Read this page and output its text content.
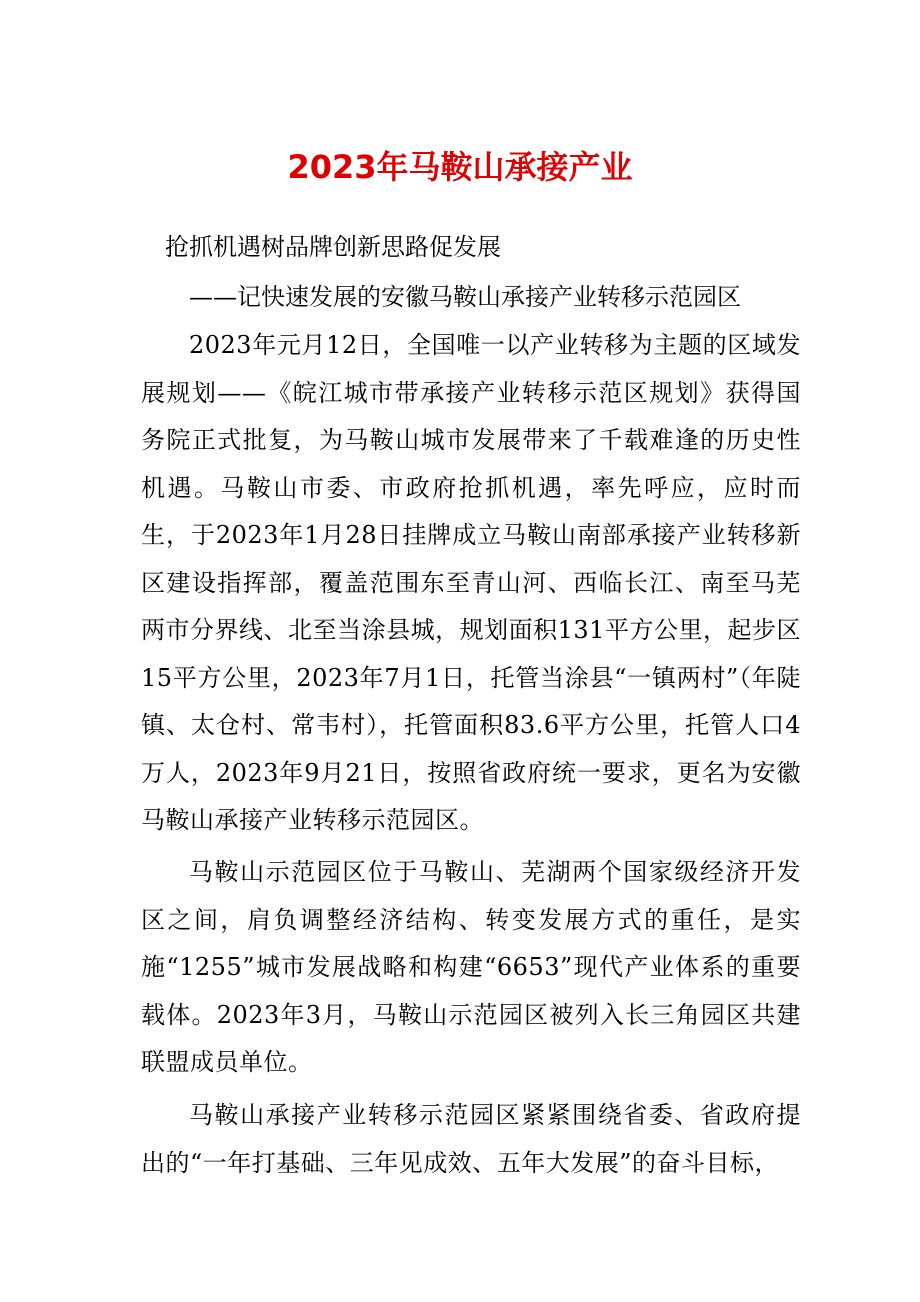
2023年马鞍山承接产业

抢抓机遇树品牌创新思路促发展

——记快速发展的安徽马鞍山承接产业转移示范园区

2023年元月12日，全国唯一以产业转移为主题的区域发展规划——《皖江城市带承接产业转移示范区规划》获得国务院正式批复，为马鞍山城市发展带来了千载难逢的历史性机遇。马鞍山市委、市政府抢抓机遇，率先呼应，应时而生，于2023年1月28日挂牌成立马鞍山南部承接产业转移新区建设指挥部，覆盖范围东至青山河、西临长江、南至马芜两市分界线、北至当涂县城，规划面积131平方公里，起步区15平方公里，2023年7月1日，托管当涂县“一镇两村”（年陡镇、太仓村、常韦村），托管面积83.6平方公里，托管人口4万人，2023年9月21日，按照省政府统一要求，更名为安徽马鞍山承接产业转移示范园区。

马鞍山示范园区位于马鞍山、芜湖两个国家级经济开发区之间，肩负调整经济结构、转变发展方式的重任，是实施“1255”城市发展战略和构建“6653”现代产业体系的重要载体。2023年3月，马鞍山示范园区被列入长三角园区共建联盟成员单位。

马鞍山承接产业转移示范园区紧紧围绕省委、省政府提出的“一年打基础、三年见成效、五年大发展”的奋斗目标，
